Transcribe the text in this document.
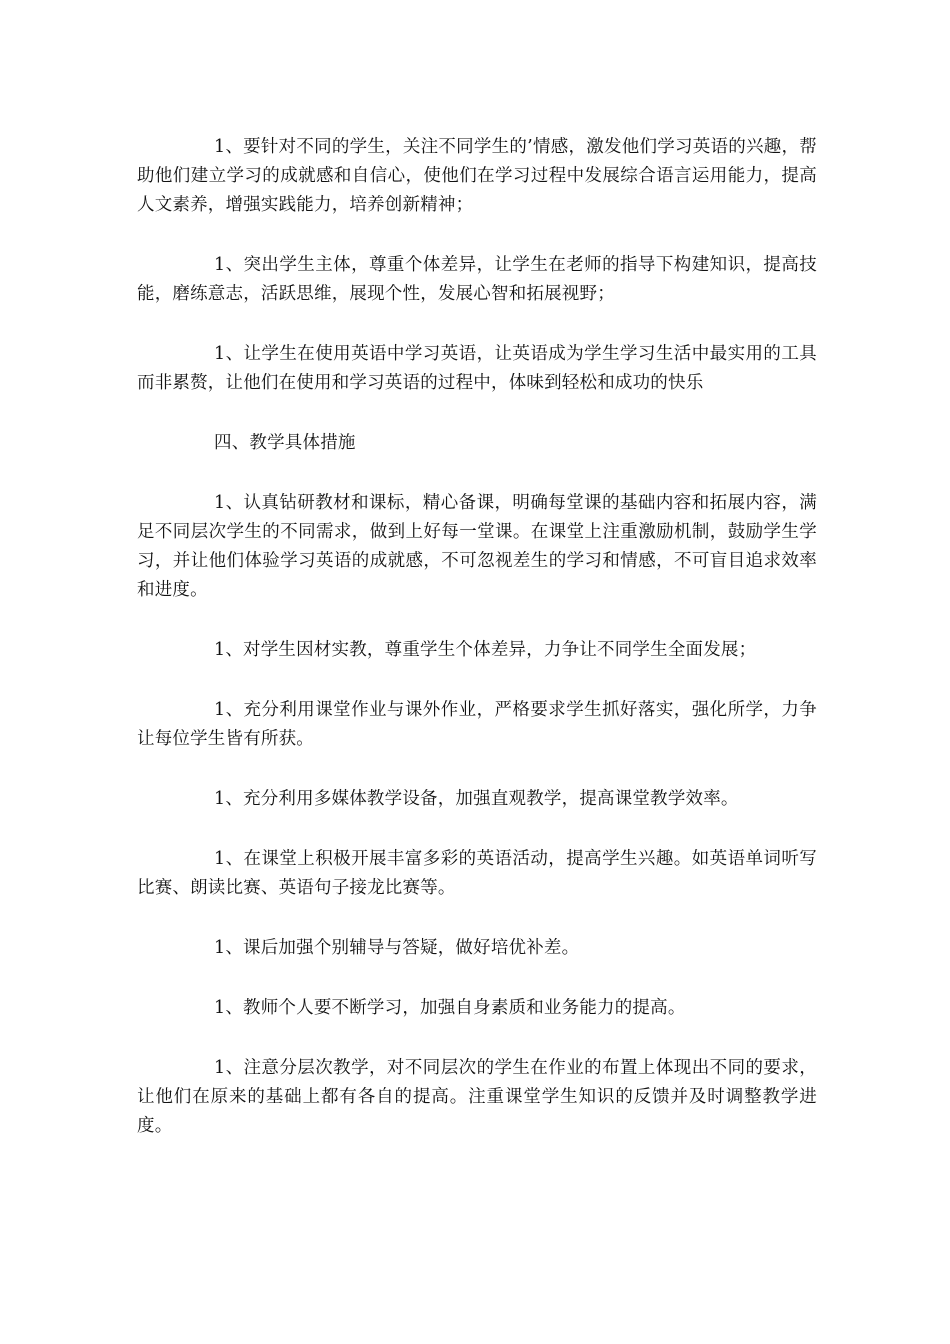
1、要针对不同的学生，关注不同学生的’情感，激发他们学习英语的兴趣，帮助他们建立学习的成就感和自信心，使他们在学习过程中发展综合语言运用能力，提高人文素养，增强实践能力，培养创新精神；

1、突出学生主体，尊重个体差异，让学生在老师的指导下构建知识，提高技能，磨练意志，活跃思维，展现个性，发展心智和拓展视野；

1、让学生在使用英语中学习英语，让英语成为学生学习生活中最实用的工具而非累赘，让他们在使用和学习英语的过程中，体味到轻松和成功的快乐

四、教学具体措施

1、认真钻研教材和课标，精心备课，明确每堂课的基础内容和拓展内容，满足不同层次学生的不同需求，做到上好每一堂课。在课堂上注重激励机制，鼓励学生学习，并让他们体验学习英语的成就感，不可忽视差生的学习和情感，不可盲目追求效率和进度。

1、对学生因材实教，尊重学生个体差异，力争让不同学生全面发展；

1、充分利用课堂作业与课外作业，严格要求学生抓好落实，强化所学，力争让每位学生皆有所获。

1、充分利用多媒体教学设备，加强直观教学，提高课堂教学效率。

1、在课堂上积极开展丰富多彩的英语活动，提高学生兴趣。如英语单词听写比赛、朗读比赛、英语句子接龙比赛等。

1、课后加强个别辅导与答疑，做好培优补差。

1、教师个人要不断学习，加强自身素质和业务能力的提高。

1、注意分层次教学，对不同层次的学生在作业的布置上体现出不同的要求，让他们在原来的基础上都有各自的提高。注重课堂学生知识的反馈并及时调整教学进度。
